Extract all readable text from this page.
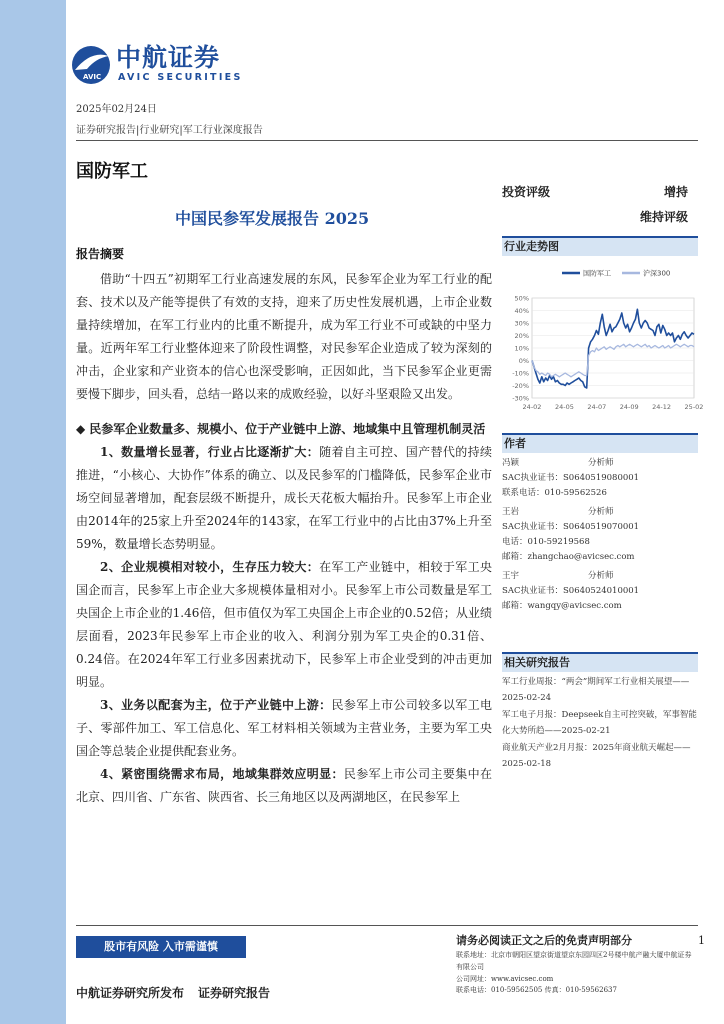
AVIC
中航证券
AVIC SECURITIES
2025年02月24日
证券研究报告|行业研究|军工行业深度报告
国防军工
中国民参军发展报告 2025
报告摘要

借助“十四五”初期军工行业高速发展的东风，民参军企业为军工行业的配套、技术以及产能等提供了有效的支持，迎来了历史性发展机遇，上市企业数量持续增加，在军工行业内的比重不断提升，成为军工行业不可或缺的中坚力量。近两年军工行业整体迎来了阶段性调整，对民参军企业造成了较为深刻的冲击，企业家和产业资本的信心也深受影响，正因如此，当下民参军企业更需要慢下脚步，回头看，总结一路以来的成败经验，以好斗坚艰险又出发。

◆ 民参军企业数量多、规模小、位于产业链中上游、地域集中且管理机制灵活

1、数量增长显著，行业占比逐渐扩大：随着自主可控、国产替代的持续推进，“小核心、大协作”体系的确立、以及民参军的门槛降低，民参军企业市场空间显著增加，配套层级不断提升，成长天花板大幅抬升。民参军上市企业由2014年的25家上升至2024年的143家，在军工行业中的占比由37%上升至59%，数量增长态势明显。

2、企业规模相对较小，生存压力较大：在军工产业链中，相较于军工央国企而言，民参军上市企业大多规模体量相对小。民参军上市公司数量是军工央国企上市企业的1.46倍，但市值仅为军工央国企上市企业的0.52倍；从业绩层面看，2023年民参军上市企业的收入、利润分别为军工央企的0.31倍、0.24倍。在2024年军工行业多因素扰动下，民参军上市企业受到的冲击更加明显。

3、业务以配套为主，位于产业链中上游：民参军上市公司较多以军工电子、零部件加工、军工信息化、军工材料相关领域为主营业务，主要为军工央国企等总装企业提供配套业务。

4、紧密围绕需求布局，地域集群效应明显：民参军上市公司主要集中在北京、四川省、广东省、陕西省、长三角地区以及两湖地区，在民参军上

投资评级	增持
维持评级
行业走势图
50%
40%
30%
20%
10%
0%
-10%
-20%
-30%
24-02 24-05 24-07 24-09 24-12 25-02
国防军工	沪深300
作者
冯颖	分析师
SAC执业证书：S0640519080001
联系电话：010-59562526
王岩	分析师
SAC执业证书：S0640519070001
电话：010-59219568
邮箱：zhangchao@avicsec.com
王宇	分析师
SAC执业证书：S0640524010001
邮箱：wangqy@avicsec.com
相关研究报告
军工行业周报：“两会”期间军工行业相关展望——2025-02-24
军工电子月报：Deepseek自主可控突破，军事智能化大势所趋——2025-02-21
商业航天产业2月月报：2025年商业航天崛起——2025-02-18
股市有风险 入市需谨慎	请务必阅读正文之后的免责声明部分	1
联系地址：北京市朝阳区望京街道望京东园四区2号楼中航产融大厦中航证券有限公司
公司网址：www.avicsec.com
联系电话：010-59562505 传真：010-59562637
中航证券研究所发布 证券研究报告
